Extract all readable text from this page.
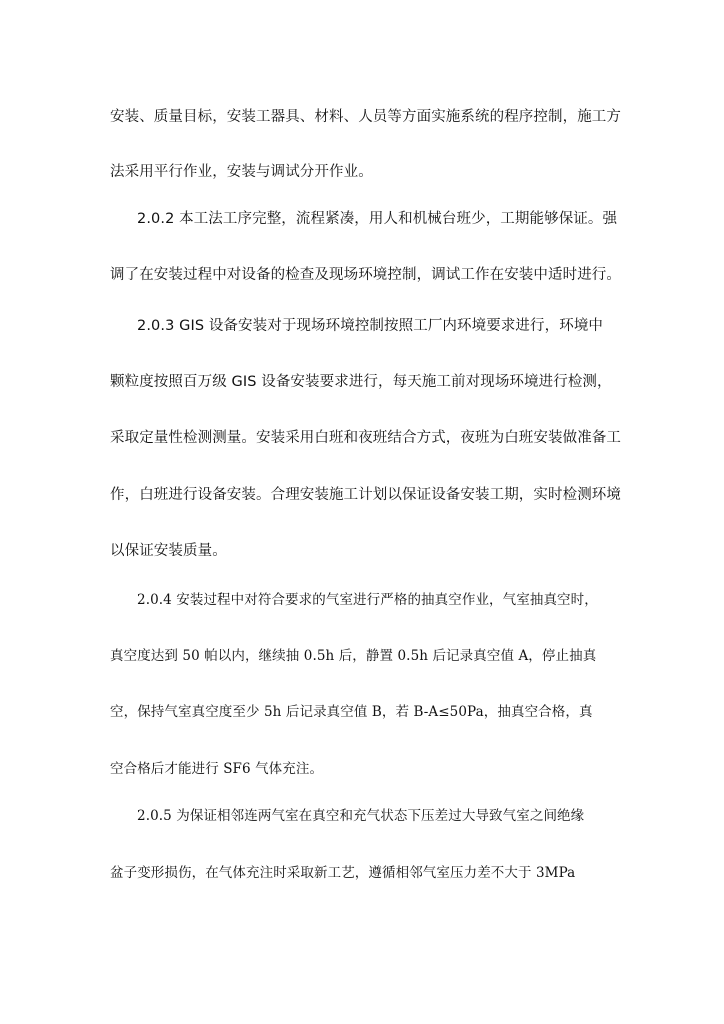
安装、质量目标，安装工器具、材料、人员等方面实施系统的程序控制，施工方
法采用平行作业，安装与调试分开作业。
2.0.2 本工法工序完整，流程紧凑，用人和机械台班少，工期能够保证。强
调了在安装过程中对设备的检查及现场环境控制，调试工作在安装中适时进行。
2.0.3 GIS 设备安装对于现场环境控制按照工厂内环境要求进行，环境中
颗粒度按照百万级 GIS 设备安装要求进行，每天施工前对现场环境进行检测，
采取定量性检测测量。安装采用白班和夜班结合方式，夜班为白班安装做准备工
作，白班进行设备安装。合理安装施工计划以保证设备安装工期，实时检测环境
以保证安装质量。
2.0.4 安装过程中对符合要求的气室进行严格的抽真空作业，气室抽真空时，
真空度达到 50 帕以内，继续抽 0.5h 后，静置 0.5h 后记录真空值 A，停止抽真
空，保持气室真空度至少 5h 后记录真空值 B，若 B-A≤50Pa，抽真空合格，真
空合格后才能进行 SF6 气体充注。
2.0.5 为保证相邻连两气室在真空和充气状态下压差过大导致气室之间绝缘
盆子变形损伤，在气体充注时采取新工艺，遵循相邻气室压力差不大于 3MPa
